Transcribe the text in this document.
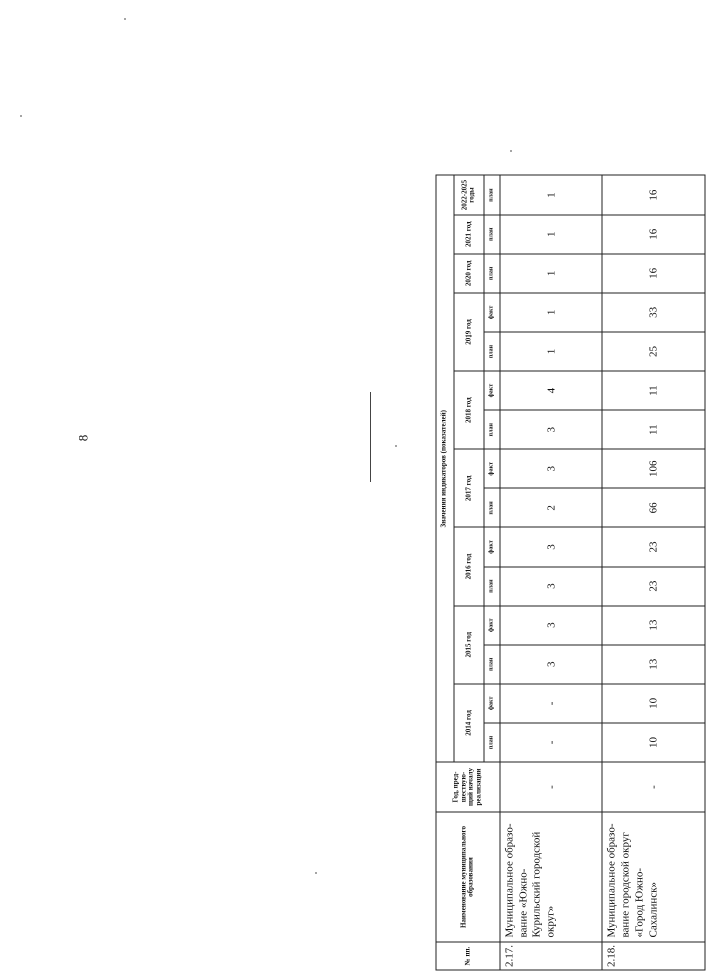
8
№ пп.	Наименование муниципального образования	Год, пред- шествую- щий началу реализации	Значения индикаторов (показателей)														
			2014 год		2015 год		2016 год		2017 год		2018 год		2019 год		2020 год	2021 год	2022-2025 годы
			план	факт	план	факт	план	факт	план	факт	план	факт	план	факт	план	план	план
2.17.	Муниципальное образо- вание «Южно- Курильский городской округ»	-	-	-	3	3	3	3	2	3	3	4	1	1	1	1	1
2.18.	Муниципальное образо- вание городской округ «Город Южно- Сахалинск»	-	10	10	13	13	23	23	66	106	11	11	25	33	16	16	16
